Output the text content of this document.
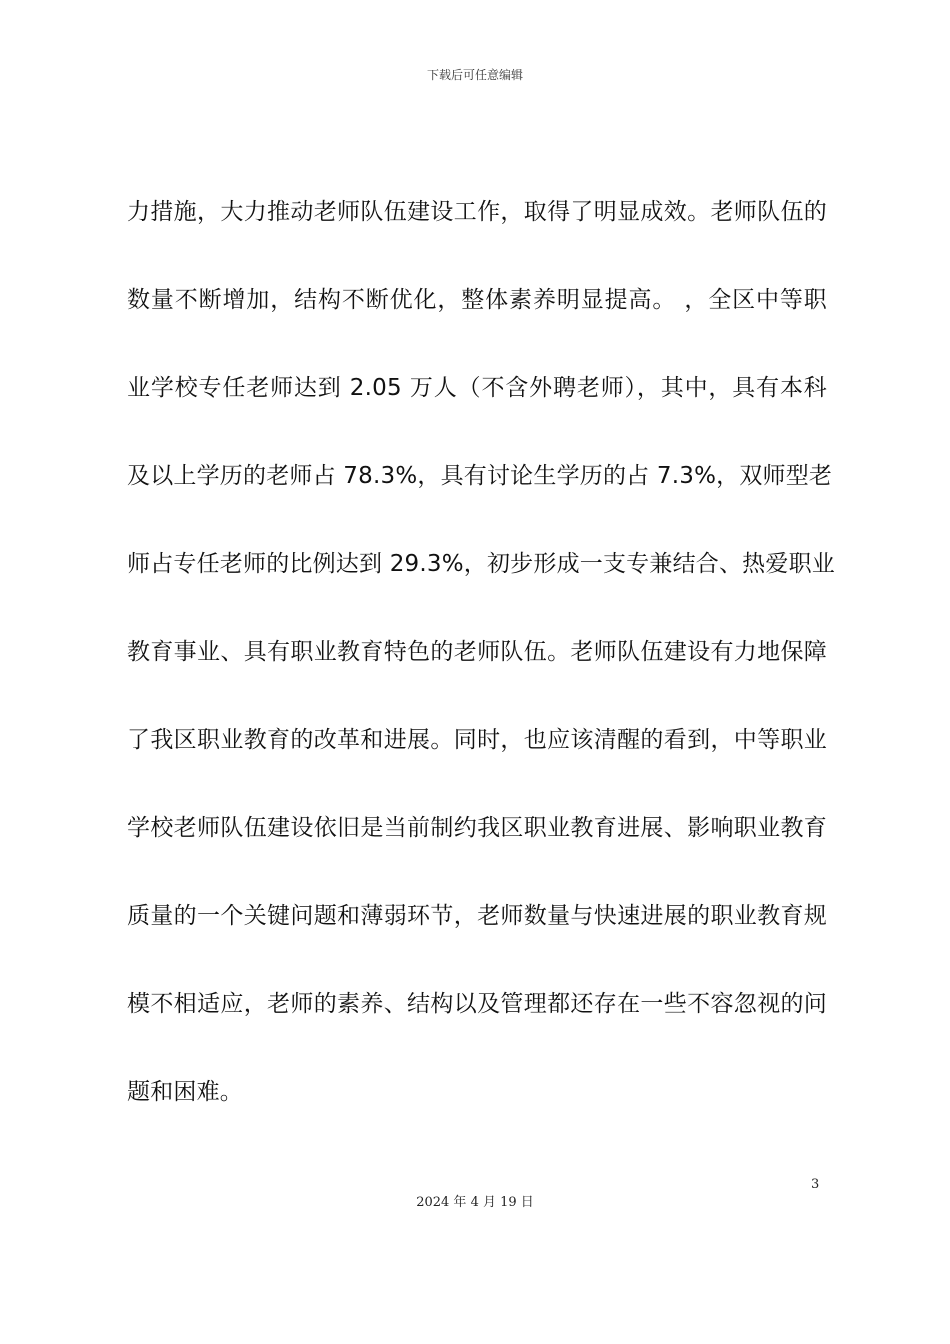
下载后可任意编辑
力措施，大力推动老师队伍建设工作，取得了明显成效。老师队伍的
数量不断增加，结构不断优化，整体素养明显提高。 ，全区中等职
业学校专任老师达到 2.05 万人（不含外聘老师），其中，具有本科
及以上学历的老师占 78.3%，具有讨论生学历的占 7.3%，双师型老
师占专任老师的比例达到 29.3%，初步形成一支专兼结合、热爱职业
教育事业、具有职业教育特色的老师队伍。老师队伍建设有力地保障
了我区职业教育的改革和进展。同时，也应该清醒的看到，中等职业
学校老师队伍建设依旧是当前制约我区职业教育进展、影响职业教育
质量的一个关键问题和薄弱环节，老师数量与快速进展的职业教育规
模不相适应，老师的素养、结构以及管理都还存在一些不容忽视的问
题和困难。
3
2024 年 4 月 19 日
